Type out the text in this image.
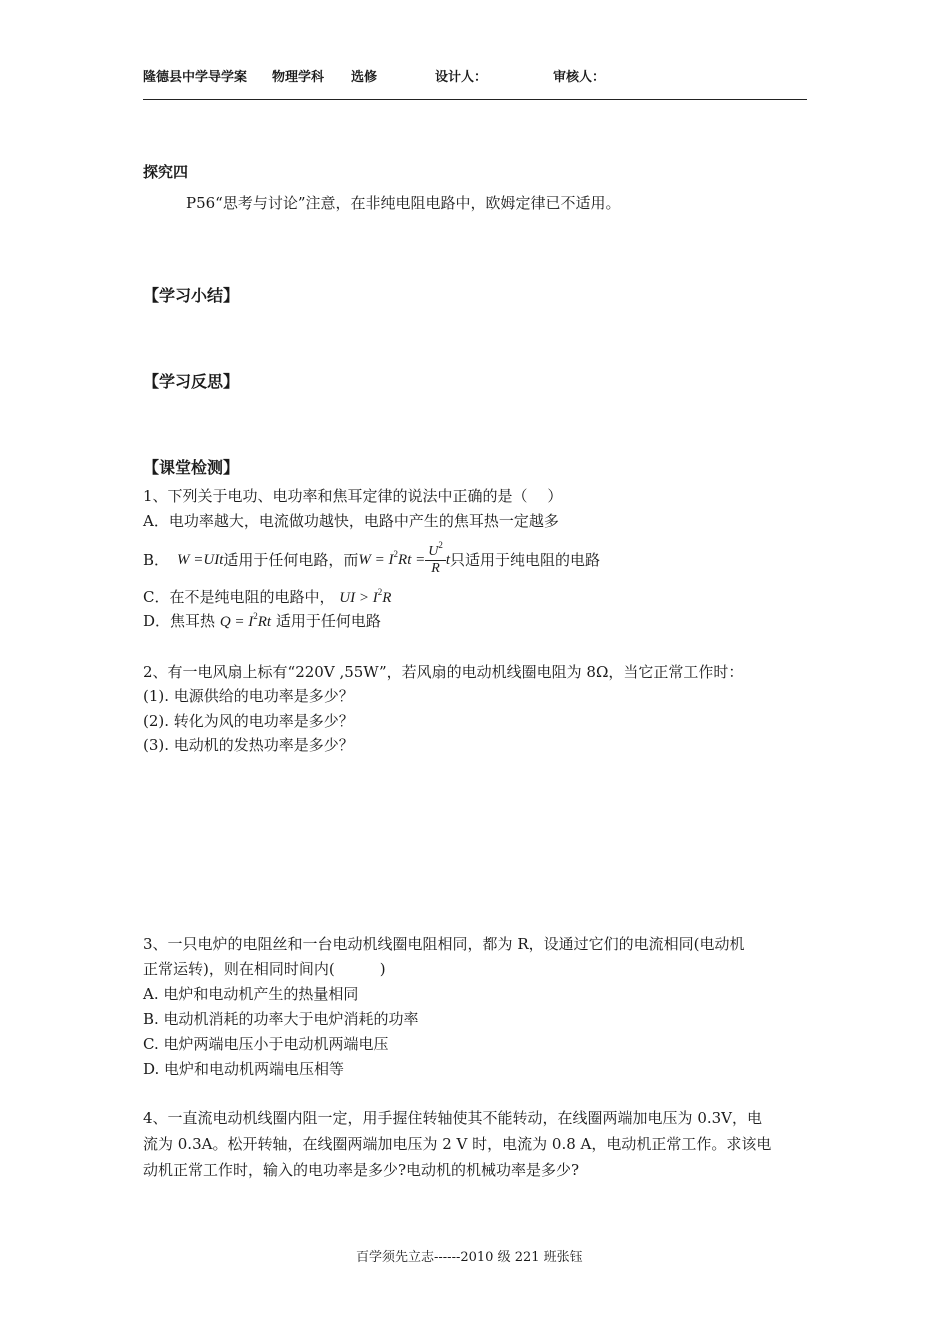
隆德县中学导学案 物理学科 选修	设计人：	审核人：
探究四
P56“思考与讨论”注意，在非纯电阻电路中，欧姆定律已不适用。
【学习小结】
【学习反思】
【课堂检测】
1、下列关于电功、电功率和焦耳定律的说法中正确的是（　 ）
A．电功率越大，电流做功越快，电路中产生的焦耳热一定越多
B． W =UIt 适用于任何电路，而 $W = I^2Rt = \frac{U^2}{R}$ t 只适用于纯电阻的电路
C．在不是纯电阻的电路中， UI > $I^2R$
D．焦耳热 $Q = I^2Rt$ 适用于任何电路
2、有一电风扇上标有“220V ,55W”，若风扇的电动机线圈电阻为 8Ω，当它正常工作时：
(1). 电源供给的电功率是多少？
(2). 转化为风的电功率是多少？
(3). 电动机的发热功率是多少？
3、一只电炉的电阻丝和一台电动机线圈电阻相同，都为 R，设通过它们的电流相同(电动机
正常运转)，则在相同时间内(　　　)
A. 电炉和电动机产生的热量相同
B. 电动机消耗的功率大于电炉消耗的功率
C. 电炉两端电压小于电动机两端电压
D. 电炉和电动机两端电压相等
4、一直流电动机线圈内阻一定，用手握住转轴使其不能转动，在线圈两端加电压为 0.3V，电
流为 0.3A。松开转轴，在线圈两端加电压为 2 V 时，电流为 0.8 A，电动机正常工作。求该电
动机正常工作时，输入的电功率是多少?电动机的机械功率是多少?
百学须先立志------2010 级 221 班张钰
